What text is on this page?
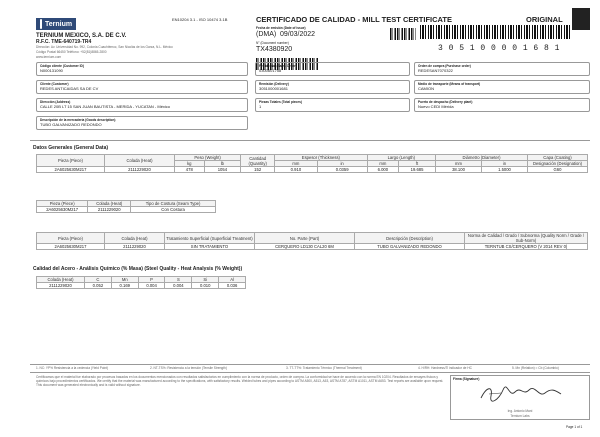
Ternium
TERNIUM MEXICO, S.A. DE C.V.
R.F.C. TME-640719-TR4
Dirección: Av. Universidad No. 992, Colonia Cuauhtémoc, San Nicolás de los Garza, N.L. México
Código Postal 66450 Teléfono: +52(81)8865-2800
www.ternium.com
EN10204 3.1 - ISO 10474 3.1B	CERTIFICADO DE CALIDAD - MILL TEST CERTIFICATE	ORIGINAL
Fecha de emisión (Date of issue)
(DMA) 09/03/2022
N° (Document number)
TX4380920	3 0 5 1 0 0 0 0 1 6 8 1
Código cliente (Customer ID)
N000131090
Pedido No. (Sales Order)
0300601758
Orden de compra (Purchase order)
REDESAN7070322
Cliente (Customer)
REDES ANTICAIDAS SA DE CV
Remisión (Delivery)
3051000001681
Medio de transporte (Means of transport)
CAMION
Dirección (Address)
CALLE 20B LT 15 SAN JUAN BAUTISTA - MERIDA - YUCATAN - México
Piezas Totales (Total pieces)
1
Puerto de despacho (Delivery plant)
Nuevo CEDI Mérida
Descripción de la mercadería (Goods description)
TUBO GALVANIZADO REDONDO
Datos Generales (General Data)
Pieza (Piece)	Colada (Heat)	Peso (Weight)		Cantidad (Quantity)	Espesor (Thickness)		Largo (Length)		Diámetro (Diameter)		Capa (Coating)
		kg	lb		mm	in	mm	ft	mm	in	Designación (Designation)
2A6025630M217	2111229020	478	1054	152	0.910	0.0359	6.000	19.685	38.100	1.5000	G60
Pieza (Piece)	Colada (Heat)	Tipo de Costura (Seam Type)
2A6025630M217	2111229020	Con Costura
Pieza (Piece)	Colada (Heat)	Tratamiento Superficial (Superficial Treatment)	No. Parte (Part)	Descripción (Description)	Norma de Calidad / Grado / Subnorma (Quality Norm / Grade / Sub-Norm)
2A6025630M217	2111229020	SIN TRATAMIENTO	CERQUERO LD130 CAL20 6M	TUBO GALVANIZADO REDONDO	TERNTUB CS/CERQUERO (V 2014 REV 0)
Calidad del Acero - Análisis Químico (% Masa) (Steel Quality - Heat Analysis (% Weight))
Colada (Heat)	C	Mn	P	S	Si	Al
2111229020	0.052	0.169	0.004	0.004	0.010	0.036
1. NC: YP% Resistencia a la cedencia (Yield Point)	2. NT-TS%: Resistencia a la tensión (Tensile Strength)	3. TT-TT%: Tratamiento Térmico (Thermal Treatment)	4. H/RH: Hardness/Ti indicador de HC	5. Mn (Relation) = Cb (Columbio)
Certificamos que el material fue elaborado por procesos basados en los documentos mencionados con resultados satisfactorios en cumplimiento con la norma de producto, orden de compra. La conformidad se hace de acuerdo con la norma EN 10204. Resultados de ensayes físicos y químicos bajo procedimientos certificados. We certify that the material was manufactured according to the specifications, with satisfactory results. Welded tubes and pipes according to ASTM A500, A513, A53, ASTM A787, ASTM A1011, ASTM A653. Test reports are available upon request. This document was generated electronically and is valid without signature.
Firma (Signature)
Ing. Antonio Mani
Ternium Labs
Page 1 of 1
